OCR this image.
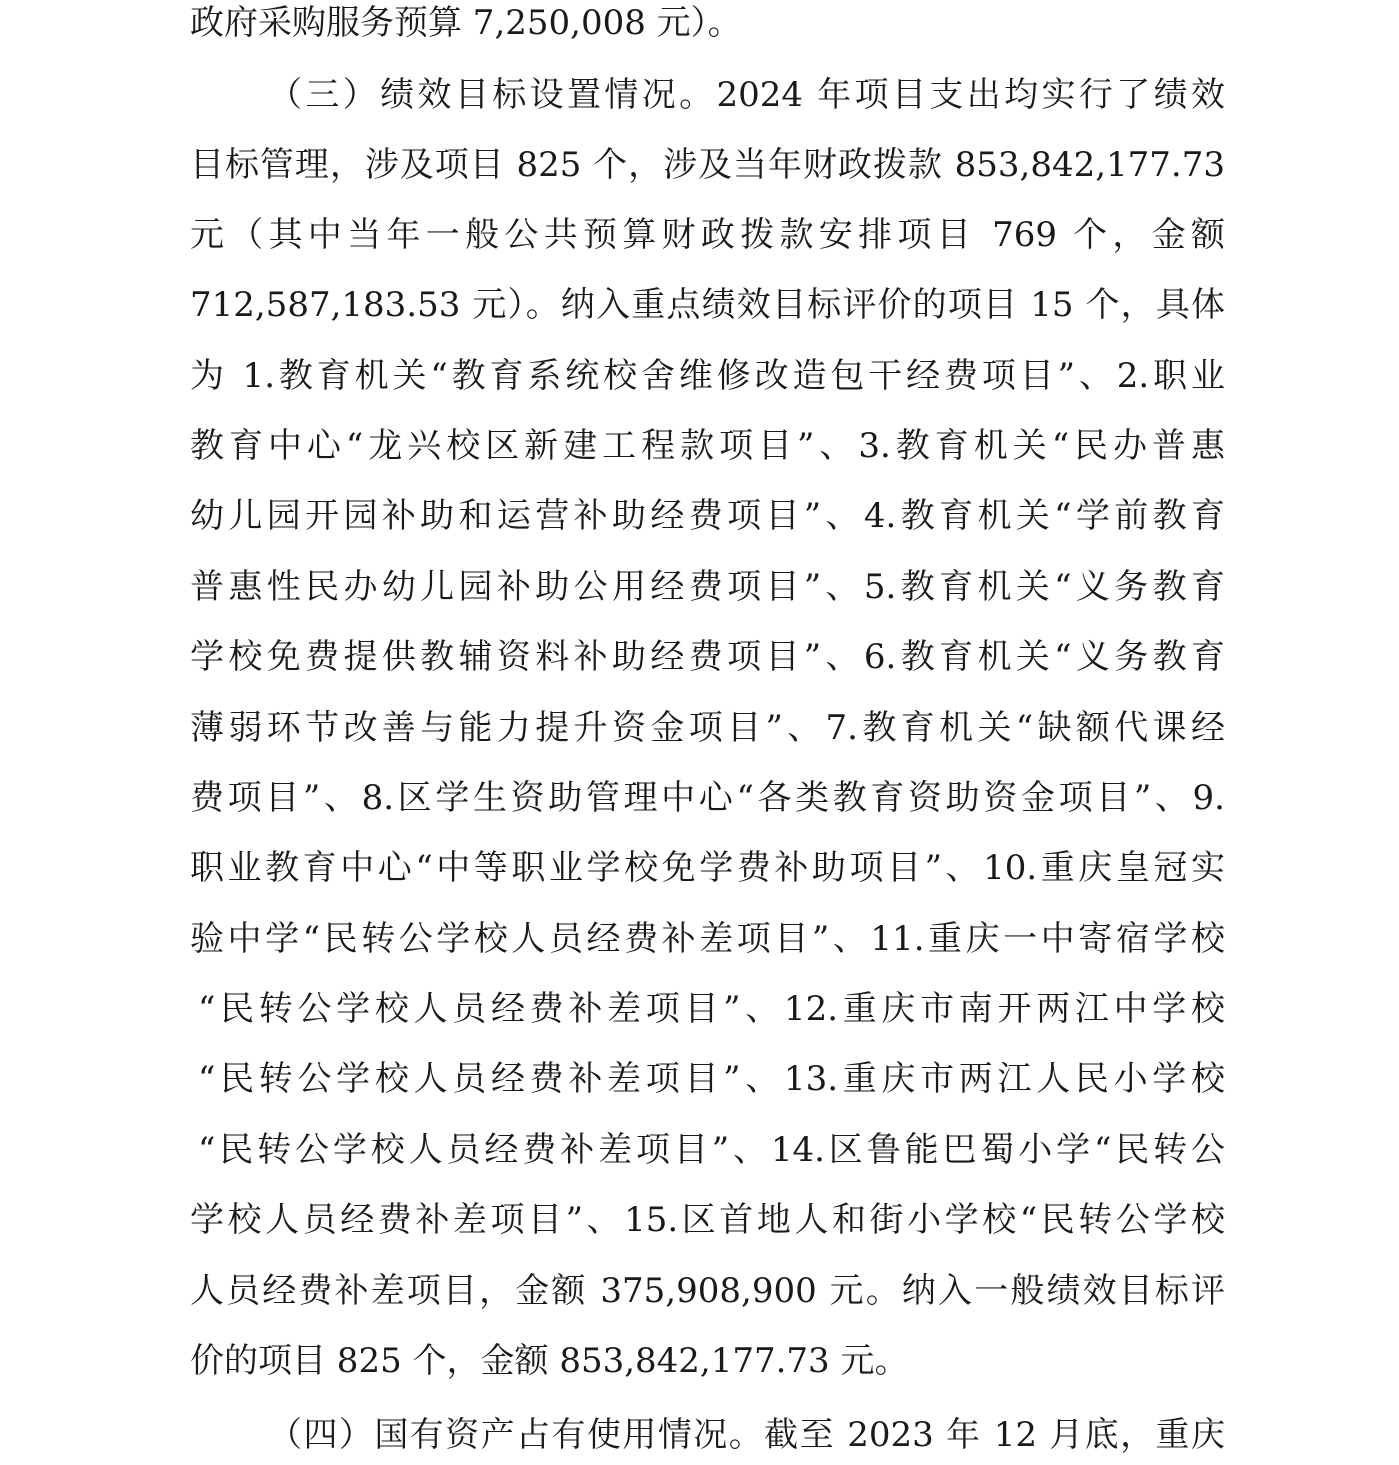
政府采购服务预算 7,250,008 元）。
（三）绩效目标设置情况。2024 年项目支出均实行了绩效
目标管理，涉及项目 825 个，涉及当年财政拨款 853,842,177.73
元（其中当年一般公共预算财政拨款安排项目 769 个，金额
712,587,183.53 元）。纳入重点绩效目标评价的项目 15 个，具体
为 1.教育机关“教育系统校舍维修改造包干经费项目”、2.职业
教育中心“龙兴校区新建工程款项目”、3.教育机关“民办普惠
幼儿园开园补助和运营补助经费项目”、4.教育机关“学前教育
普惠性民办幼儿园补助公用经费项目”、5.教育机关“义务教育
学校免费提供教辅资料补助经费项目”、6.教育机关“义务教育
薄弱环节改善与能力提升资金项目”、7.教育机关“缺额代课经
费项目”、8.区学生资助管理中心“各类教育资助资金项目”、9.
职业教育中心“中等职业学校免学费补助项目”、10.重庆皇冠实
验中学“民转公学校人员经费补差项目”、11.重庆一中寄宿学校
“民转公学校人员经费补差项目”、12.重庆市南开两江中学校
“民转公学校人员经费补差项目”、13.重庆市两江人民小学校
“民转公学校人员经费补差项目”、14.区鲁能巴蜀小学“民转公
学校人员经费补差项目”、15.区首地人和街小学校“民转公学校
人员经费补差项目，金额 375,908,900 元。纳入一般绩效目标评
价的项目 825 个，金额 853,842,177.73 元。
（四）国有资产占有使用情况。截至 2023 年 12 月底，重庆
